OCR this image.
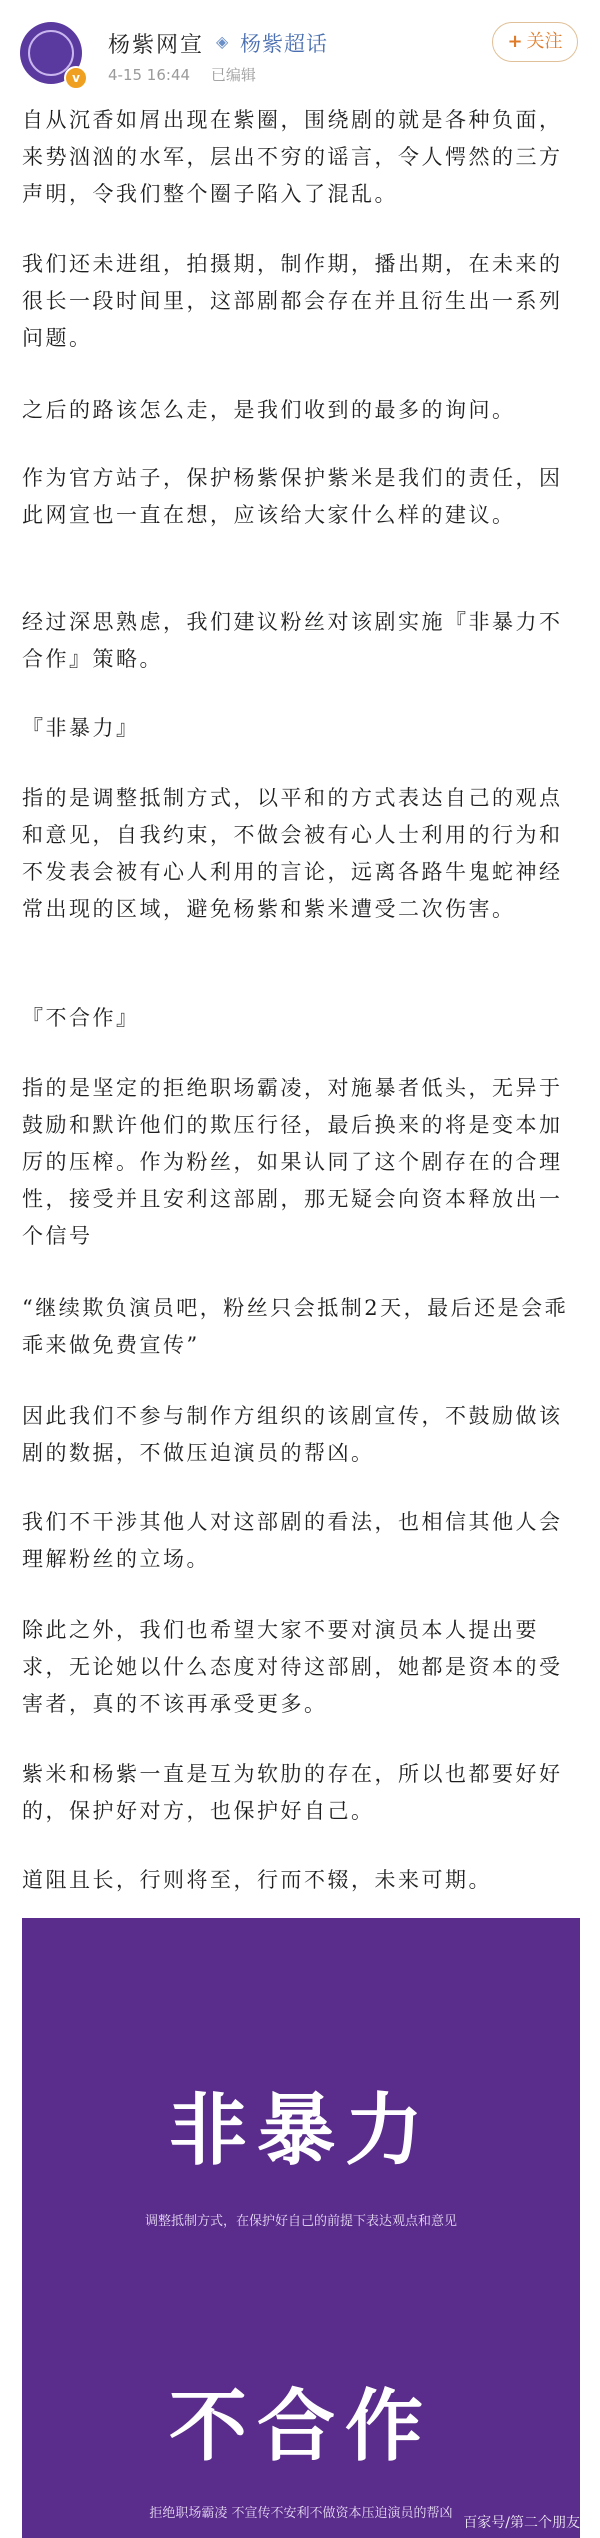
v
杨紫网宣 ◈ 杨紫超话
4-15 16:44 已编辑
+ 关注

自从沉香如屑出现在紫圈，围绕剧的就是各种负面，来势汹汹的水军，层出不穷的谣言，令人愕然的三方声明，令我们整个圈子陷入了混乱。

我们还未进组，拍摄期，制作期，播出期，在未来的很长一段时间里，这部剧都会存在并且衍生出一系列问题。

之后的路该怎么走，是我们收到的最多的询问。

作为官方站子，保护杨紫保护紫米是我们的责任，因此网宣也一直在想，应该给大家什么样的建议。

经过深思熟虑，我们建议粉丝对该剧实施『非暴力不合作』策略。

『非暴力』

指的是调整抵制方式，以平和的方式表达自己的观点和意见，自我约束，不做会被有心人士利用的行为和不发表会被有心人利用的言论，远离各路牛鬼蛇神经常出现的区域，避免杨紫和紫米遭受二次伤害。

『不合作』

指的是坚定的拒绝职场霸凌，对施暴者低头，无异于鼓励和默许他们的欺压行径，最后换来的将是变本加厉的压榨。作为粉丝，如果认同了这个剧存在的合理性，接受并且安利这部剧，那无疑会向资本释放出一个信号

“继续欺负演员吧，粉丝只会抵制2天，最后还是会乖乖来做免费宣传”

因此我们不参与制作方组织的该剧宣传，不鼓励做该剧的数据，不做压迫演员的帮凶。

我们不干涉其他人对这部剧的看法，也相信其他人会理解粉丝的立场。

除此之外，我们也希望大家不要对演员本人提出要求，无论她以什么态度对待这部剧，她都是资本的受害者，真的不该再承受更多。

紫米和杨紫一直是互为软肋的存在，所以也都要好好的，保护好对方，也保护好自己。

道阻且长，行则将至，行而不辍，未来可期。

非暴力
调整抵制方式，在保护好自己的前提下表达观点和意见
不合作
拒绝职场霸凌 不宣传不安利不做资本压迫演员的帮凶
百家号/第二个朋友圈
